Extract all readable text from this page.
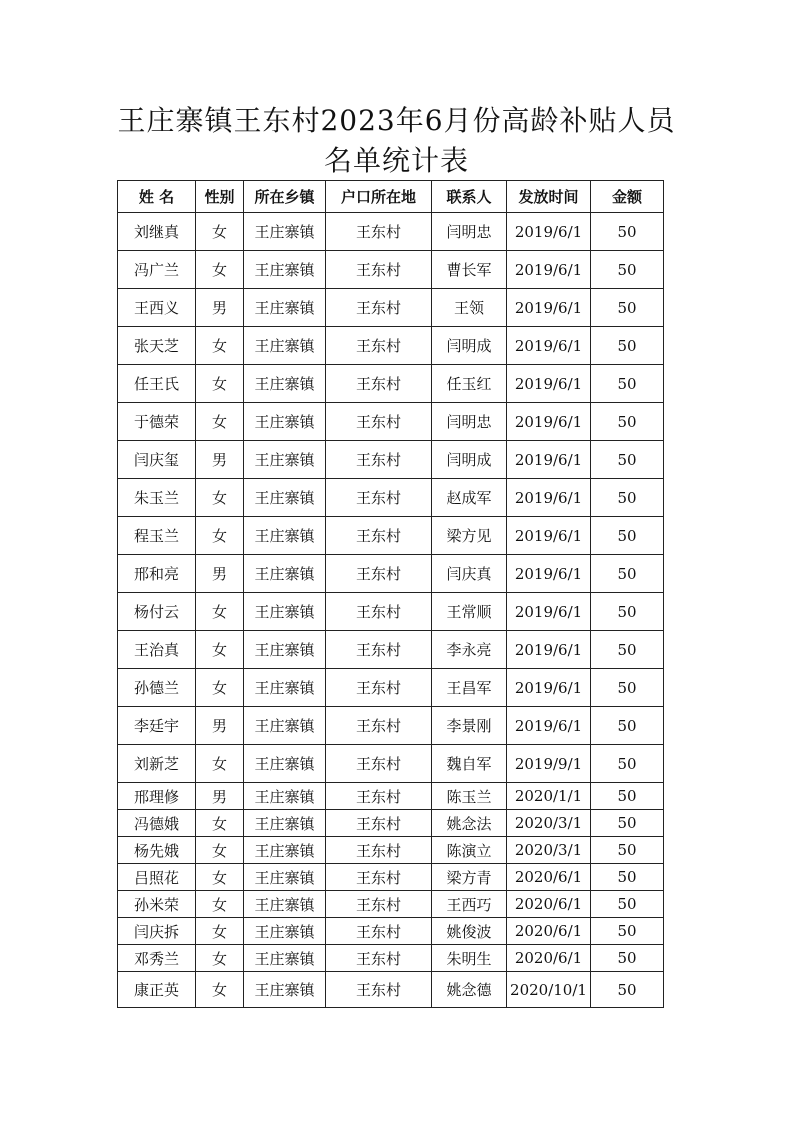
王庄寨镇王东村2023年6月份高龄补贴人员
名单统计表
姓 名	性别	所在乡镇	户口所在地	联系人	发放时间	金额
刘继真	女	王庄寨镇	王东村	闫明忠	2019/6/1	50
冯广兰	女	王庄寨镇	王东村	曹长军	2019/6/1	50
王西义	男	王庄寨镇	王东村	王领	2019/6/1	50
张天芝	女	王庄寨镇	王东村	闫明成	2019/6/1	50
任王氏	女	王庄寨镇	王东村	任玉红	2019/6/1	50
于德荣	女	王庄寨镇	王东村	闫明忠	2019/6/1	50
闫庆玺	男	王庄寨镇	王东村	闫明成	2019/6/1	50
朱玉兰	女	王庄寨镇	王东村	赵成军	2019/6/1	50
程玉兰	女	王庄寨镇	王东村	梁方见	2019/6/1	50
邢和亮	男	王庄寨镇	王东村	闫庆真	2019/6/1	50
杨付云	女	王庄寨镇	王东村	王常顺	2019/6/1	50
王治真	女	王庄寨镇	王东村	李永亮	2019/6/1	50
孙德兰	女	王庄寨镇	王东村	王昌军	2019/6/1	50
李廷宇	男	王庄寨镇	王东村	李景刚	2019/6/1	50
刘新芝	女	王庄寨镇	王东村	魏自军	2019/9/1	50
邢理修	男	王庄寨镇	王东村	陈玉兰	2020/1/1	50
冯德娥	女	王庄寨镇	王东村	姚念法	2020/3/1	50
杨先娥	女	王庄寨镇	王东村	陈演立	2020/3/1	50
吕照花	女	王庄寨镇	王东村	梁方青	2020/6/1	50
孙米荣	女	王庄寨镇	王东村	王西巧	2020/6/1	50
闫庆拆	女	王庄寨镇	王东村	姚俊波	2020/6/1	50
邓秀兰	女	王庄寨镇	王东村	朱明生	2020/6/1	50
康正英	女	王庄寨镇	王东村	姚念德	2020/10/1	50
